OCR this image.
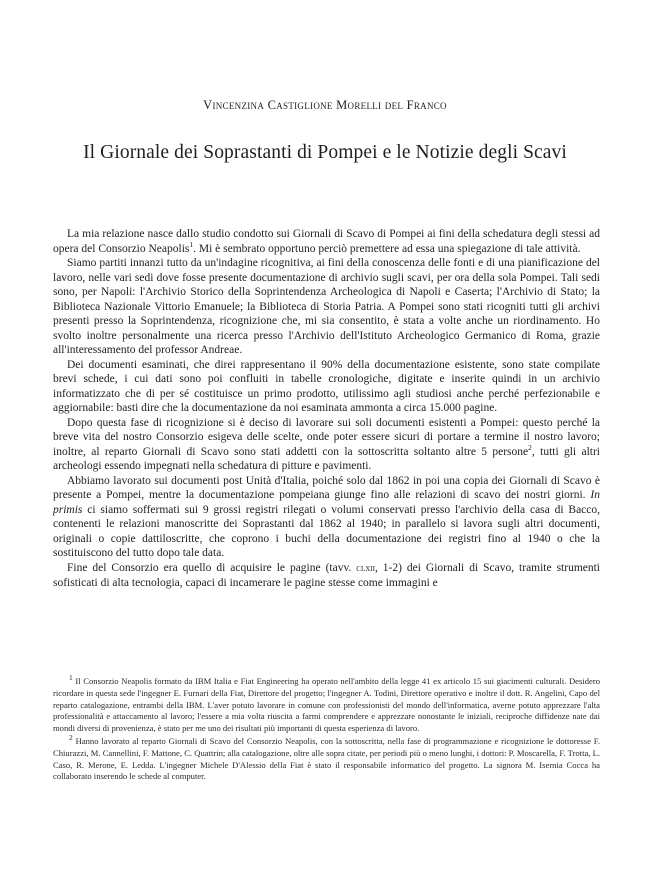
Vincenzina Castiglione Morelli del Franco
Il Giornale dei Soprastanti di Pompei e le Notizie degli Scavi

La mia relazione nasce dallo studio condotto sui Giornali di Scavo di Pompei ai fini della schedatura degli stessi ad opera del Consorzio Neapolis$^1$. Mi è sembrato opportuno perciò premettere ad essa una spiegazione di tale attività.

Siamo partiti innanzi tutto da un'indagine ricognitiva, ai fini della conoscenza delle fonti e di una pianificazione del lavoro, nelle vari sedi dove fosse presente documentazione di archivio sugli scavi, per ora della sola Pompei. Tali sedi sono, per Napoli: l'Archivio Storico della Soprintendenza Archeologica di Napoli e Caserta; l'Archivio di Stato; la Biblioteca Nazionale Vittorio Emanuele; la Biblioteca di Storia Patria. A Pompei sono stati ricogniti tutti gli archivi presenti presso la Soprintendenza, ricognizione che, mi sia consentito, è stata a volte anche un riordinamento. Ho svolto inoltre personalmente una ricerca presso l'Archivio dell'Istituto Archeologico Germanico di Roma, grazie all'interessamento del professor Andreae.

Dei documenti esaminati, che direi rappresentano il 90% della documentazione esistente, sono state compilate brevi schede, i cui dati sono poi confluiti in tabelle cronologiche, digitate e inserite quindi in un archivio informatizzato che di per sé costituisce un primo prodotto, utilissimo agli studiosi anche perché perfezionabile e aggiornabile: basti dire che la documentazione da noi esaminata ammonta a circa 15.000 pagine.

Dopo questa fase di ricognizione si è deciso di lavorare sui soli documenti esistenti a Pompei: questo perché la breve vita del nostro Consorzio esigeva delle scelte, onde poter essere sicuri di portare a termine il nostro lavoro; inoltre, al reparto Giornali di Scavo sono stati addetti con la sottoscritta soltanto altre 5 persone$^2$, tutti gli altri archeologi essendo impegnati nella schedatura di pitture e pavimenti.

Abbiamo lavorato sui documenti post Unità d'Italia, poiché solo dal 1862 in poi una copia dei Giornali di Scavo è presente a Pompei, mentre la documentazione pompeiana giunge fino alle relazioni di scavo dei nostri giorni. In primis ci siamo soffermati sui 9 grossi registri rilegati o volumi conservati presso l'archivio della casa di Bacco, contenenti le relazioni manoscritte dei Soprastanti dal 1862 al 1940; in parallelo si lavora sugli altri documenti, originali o copie dattiloscritte, che coprono i buchi della documentazione dei registri fino al 1940 o che la sostituiscono del tutto dopo tale data.

Fine del Consorzio era quello di acquisire le pagine (tavv. clxii, 1-2) dei Giornali di Scavo, tramite strumenti sofisticati di alta tecnologia, capaci di incamerare le pagine stesse come immagini e

$^1$ Il Consorzio Neapolis formato da IBM Italia e Fiat Engineering ha operato nell'ambito della legge 41 ex articolo 15 sui giacimenti culturali. Desidero ricordare in questa sede l'ingegner E. Furnari della Fiat, Direttore del progetto; l'ingegner A. Todini, Direttore operativo e inoltre il dott. R. Angelini, Capo del reparto catalogazione, entrambi della IBM. L'aver potuto lavorare in comune con professionisti del mondo dell'informatica, averne potuto apprezzare l'alta professionalità e attaccamento al lavoro; l'essere a mia volta riuscita a farmi comprendere e apprezzare nonostante le iniziali, reciproche diffidenze nate dai mondi diversi di provenienza, è stato per me uno dei risultati più importanti di questa esperienza di lavoro.

$^2$ Hanno lavorato al reparto Giornali di Scavo del Consorzio Neapolis, con la sottoscritta, nella fase di programmazione e ricognizione le dottoresse F. Chiurazzi, M. Cannellini, F. Mattone, C. Quattrin; alla catalogazione, oltre alle sopra citate, per periodi più o meno lunghi, i dottori: P. Moscarella, F. Trotta, L. Caso, R. Merone, E. Ledda. L'ingegner Michele D'Alessio della Fiat è stato il responsabile informatico del progetto. La signora M. Isernia Cocca ha collaborato inserendo le schede al computer.
